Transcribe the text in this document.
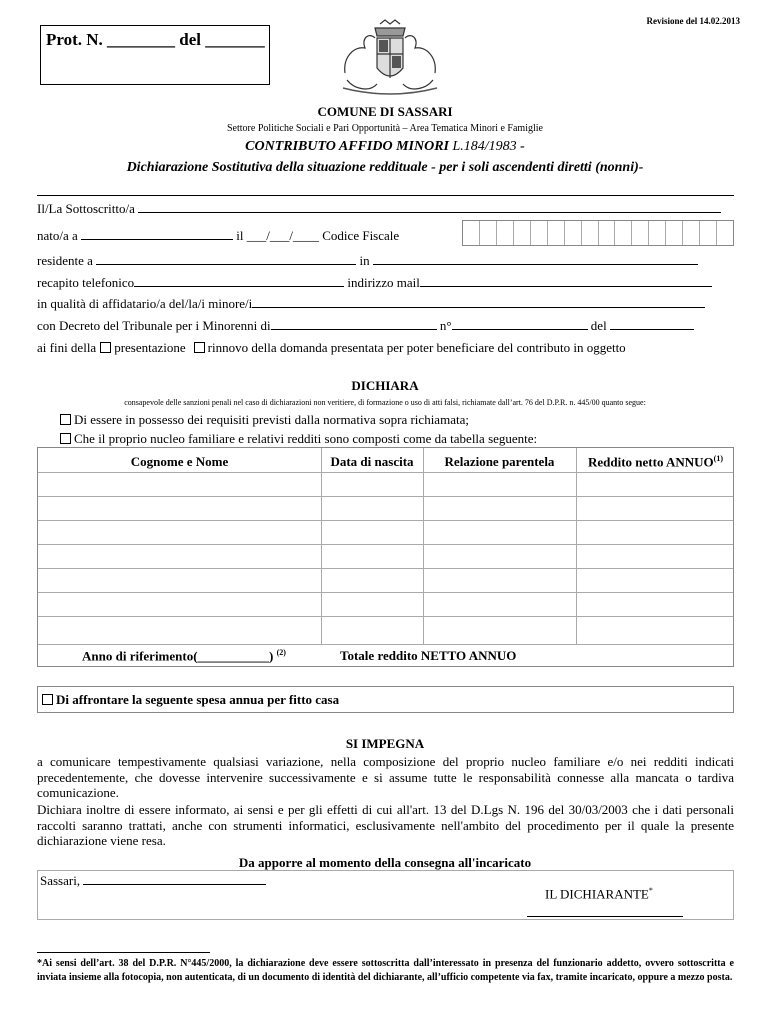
Revisione del 14.02.2013
Prot. N. ________ del _______
COMUNE DI SASSARI
Settore Politiche Sociali e Pari Opportunità – Area Tematica Minori e Famiglie
CONTRIBUTO AFFIDO MINORI L.184/1983 -
Dichiarazione Sostitutiva della situazione reddituale - per i soli ascendenti diretti (nonni)-
Il/La Sottoscritto/a
nato/a a	il ___/___/____ Codice Fiscale
residente a	in
recapito telefonico	indirizzo mail
in qualità di affidatario/a del/la/i minore/i
con Decreto del Tribunale per i Minorenni di	n°	del
ai fini della presentazione rinnovo della domanda presentata per poter beneficiare del contributo in oggetto
DICHIARA
consapevole delle sanzioni penali nel caso di dichiarazioni non veritiere, di formazione o uso di atti falsi, richiamate dall’art. 76 del D.P.R. n. 445/00 quanto segue:
Di essere in possesso dei requisiti previsti dalla normativa sopra richiamata;
Che il proprio nucleo familiare e relativi redditi sono composti come da tabella seguente:
Cognome e Nome	Data di nascita	Relazione parentela	Reddito netto ANNUO$^{(1)}$
Anno di riferimento(___________) $^{(2)}$	Totale reddito NETTO ANNUO
Di affrontare la seguente spesa annua per fitto casa
SI IMPEGNA
a comunicare tempestivamente qualsiasi variazione, nella composizione del proprio nucleo familiare e/o nei redditi indicati precedentemente, che dovesse intervenire successivamente e si assume tutte le responsabilità connesse alla mancata o tardiva comunicazione.
Dichiara inoltre di essere informato, ai sensi e per gli effetti di cui all'art. 13 del D.Lgs N. 196 del 30/03/2003 che i dati personali raccolti saranno trattati, anche con strumenti informatici, esclusivamente nell'ambito del procedimento per il quale la presente dichiarazione viene resa.
Da apporre al momento della consegna all'incaricato
Sassari,
IL DICHIARANTE*
*Ai sensi dell’art. 38 del D.P.R. N°445/2000, la dichiarazione deve essere sottoscritta dall’interessato in presenza del funzionario addetto, ovvero sottoscritta e inviata insieme alla fotocopia, non autenticata, di un documento di identità del dichiarante, all’ufficio competente via fax, tramite incaricato, oppure a mezzo posta.
